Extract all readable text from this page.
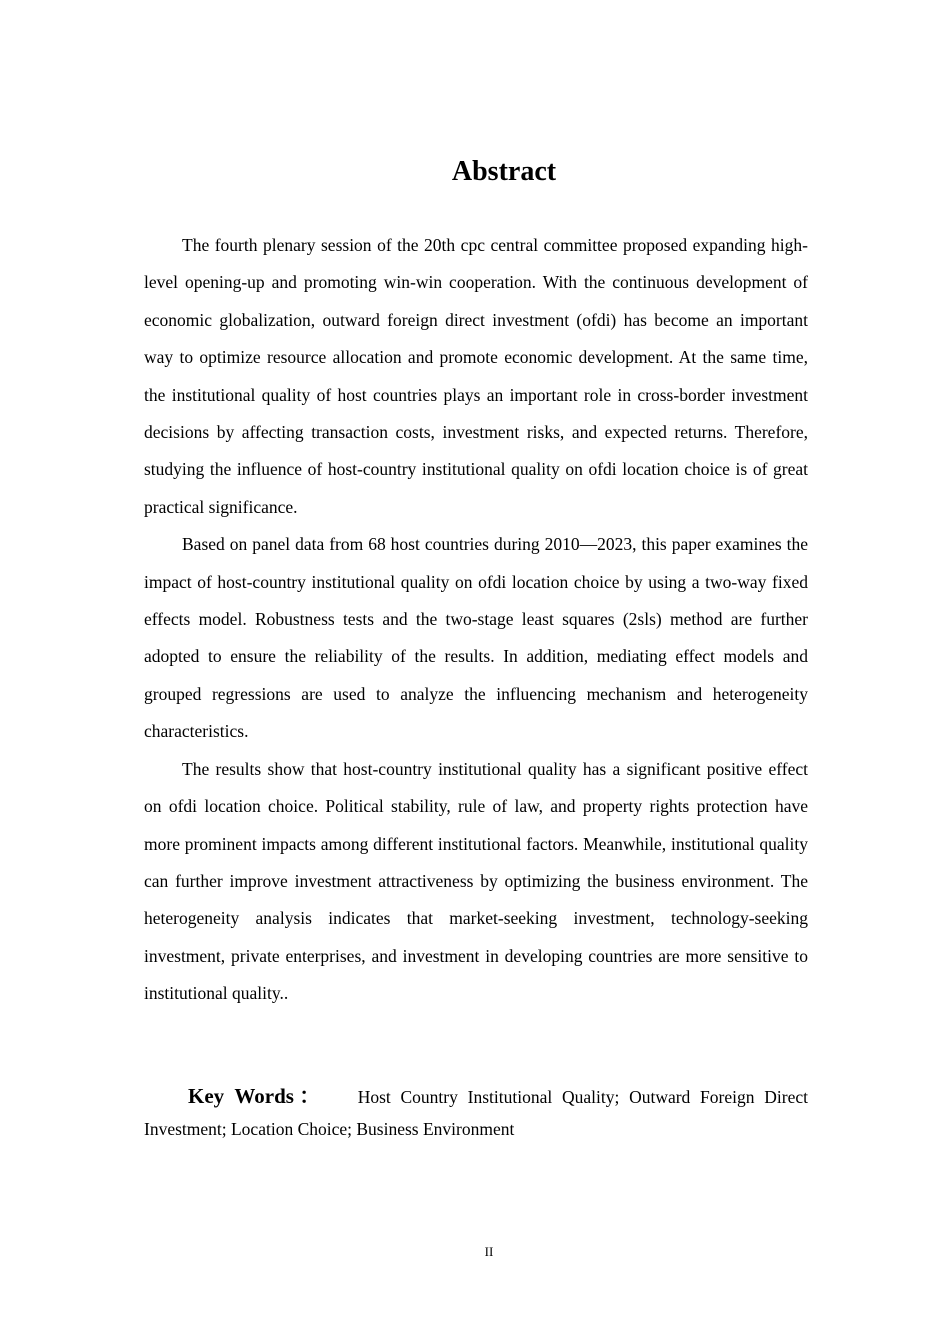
Abstract

The fourth plenary session of the 20th cpc central committee proposed expanding high-level opening-up and promoting win-win cooperation. With the continuous development of economic globalization, outward foreign direct investment (ofdi) has become an important way to optimize resource allocation and promote economic development. At the same time, the institutional quality of host countries plays an important role in cross-border investment decisions by affecting transaction costs, investment risks, and expected returns. Therefore, studying the influence of host-country institutional quality on ofdi location choice is of great practical significance.

Based on panel data from 68 host countries during 2010—2023, this paper examines the impact of host-country institutional quality on ofdi location choice by using a two-way fixed effects model. Robustness tests and the two-stage least squares (2sls) method are further adopted to ensure the reliability of the results. In addition, mediating effect models and grouped regressions are used to analyze the influencing mechanism and heterogeneity characteristics.

The results show that host-country institutional quality has a significant positive effect on ofdi location choice. Political stability, rule of law, and property rights protection have more prominent impacts among different institutional factors. Meanwhile, institutional quality can further improve investment attractiveness by optimizing the business environment. The heterogeneity analysis indicates that market-seeking investment, technology-seeking investment, private enterprises, and investment in developing countries are more sensitive to institutional quality..

Key Words： Host Country Institutional Quality; Outward Foreign Direct Investment; Location Choice; Business Environment
II
